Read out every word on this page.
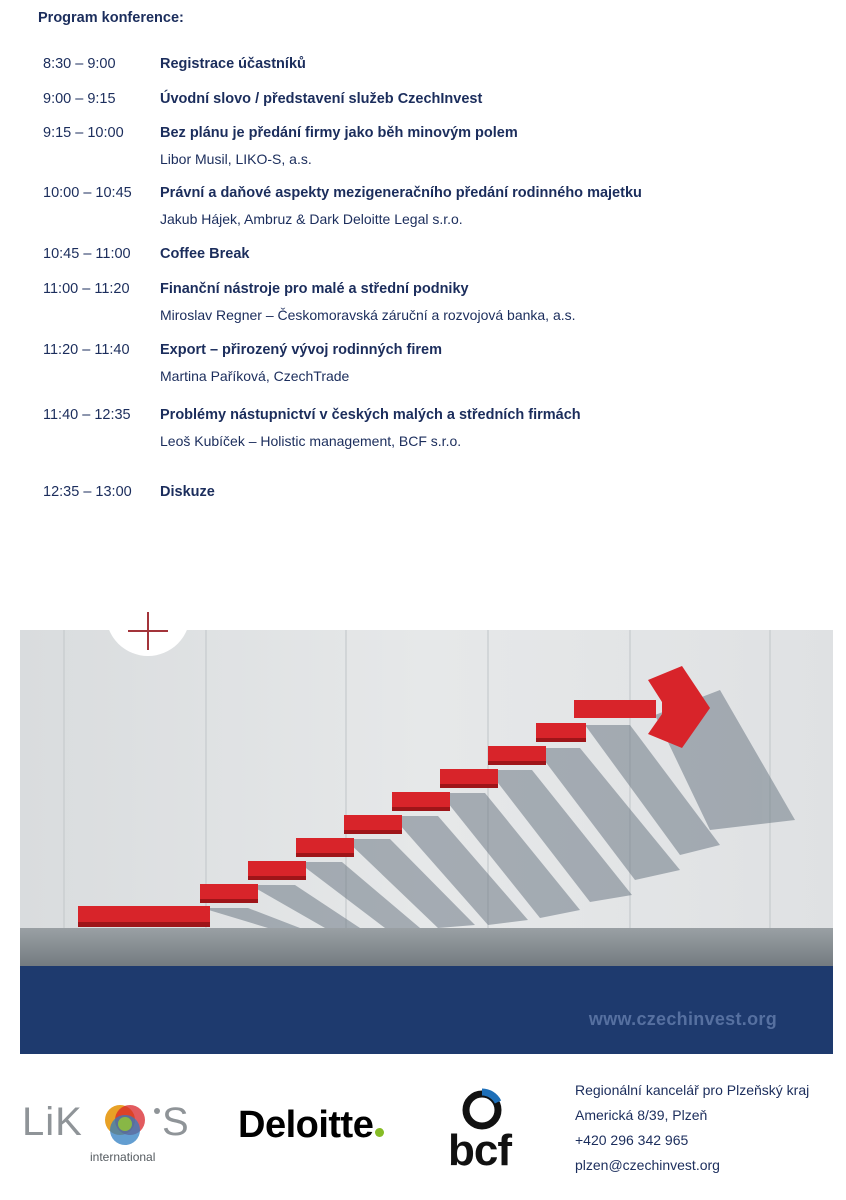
Program konference:
8:30 – 9:00	Registrace účastníků
9:00 – 9:15	Úvodní slovo / představení služeb CzechInvest
9:15 – 10:00	Bez plánu je předání firmy jako běh minovým polem
Libor Musil, LIKO-S, a.s.
10:00 – 10:45 Právní a daňové aspekty mezigeneračního předání rodinného majetku
Jakub Hájek, Ambruz & Dark Deloitte Legal s.r.o.
10:45 – 11:00 Coffee Break
11:00 – 11:20 Finanční nástroje pro malé a střední podniky
Miroslav Regner – Českomoravská záruční a rozvojová banka, a.s.
11:20 – 11:40 Export – přirozený vývoj rodinných firem
Martina Paříková, CzechTrade
11:40 – 12:35 Problémy nástupnictví v českých malých a středních firmách
Leoš Kubíček – Holistic management, BCF s.r.o.
12:35 – 13:00 Diskuze
www.czechinvest.org
LiK S
international
Deloitte
bcf
Regionální kancelář pro Plzeňský kraj
Americká 8/39, Plzeň
+420 296 342 965
plzen@czechinvest.org
